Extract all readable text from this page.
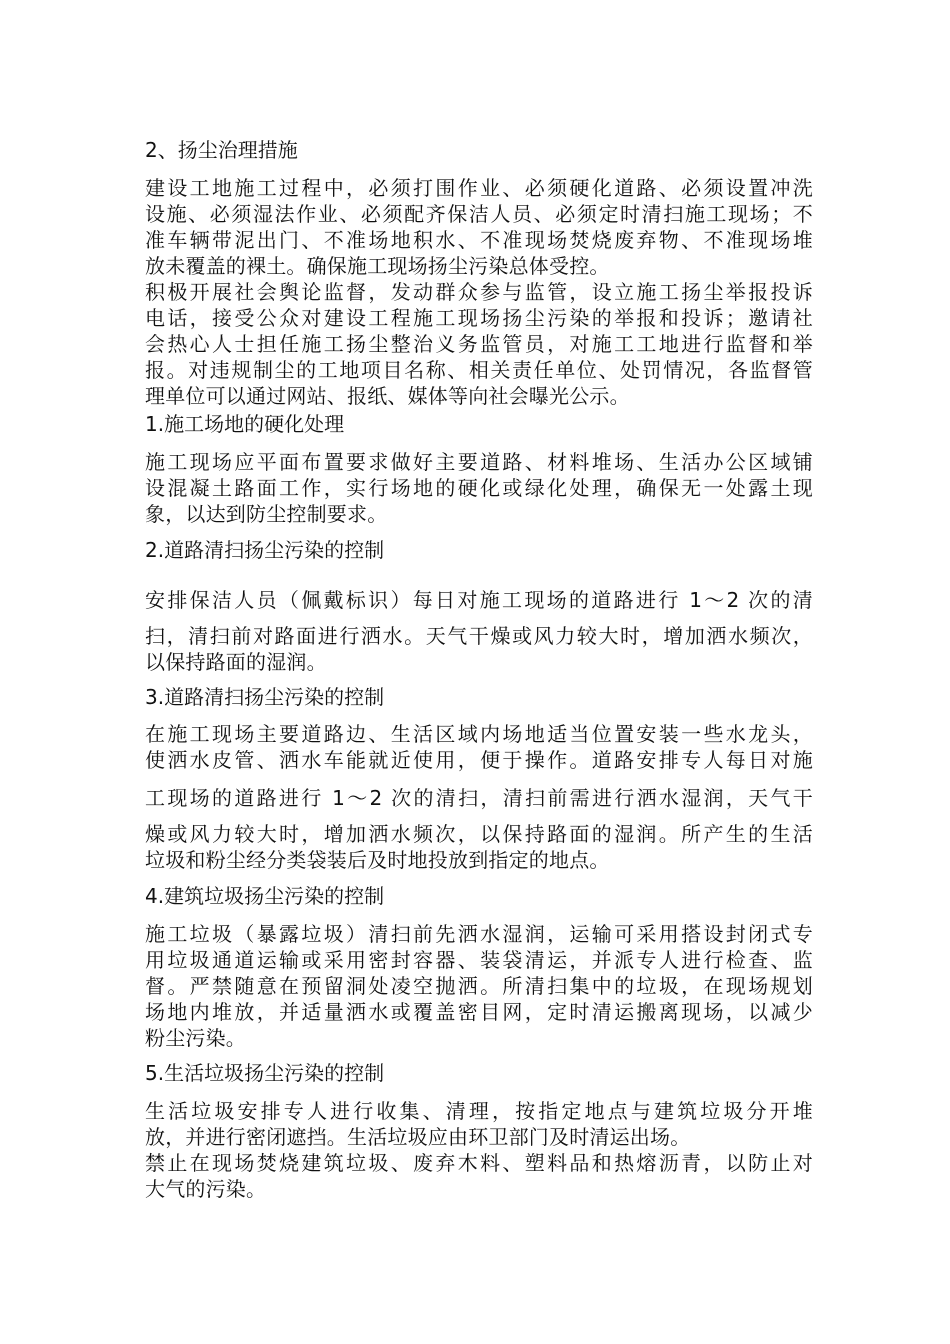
2、扬尘治理措施
建设工地施工过程中，必须打围作业、必须硬化道路、必须设置冲洗
设施、必须湿法作业、必须配齐保洁人员、必须定时清扫施工现场；不
准车辆带泥出门、不准场地积水、不准现场焚烧废弃物、不准现场堆
放未覆盖的裸土。确保施工现场扬尘污染总体受控。
积极开展社会舆论监督，发动群众参与监管，设立施工扬尘举报投诉
电话，接受公众对建设工程施工现场扬尘污染的举报和投诉；邀请社
会热心人士担任施工扬尘整治义务监管员，对施工工地进行监督和举
报。对违规制尘的工地项目名称、相关责任单位、处罚情况，各监督管
理单位可以通过网站、报纸、媒体等向社会曝光公示。
1.施工场地的硬化处理
施工现场应平面布置要求做好主要道路、材料堆场、生活办公区域铺
设混凝土路面工作，实行场地的硬化或绿化处理，确保无一处露土现
象，以达到防尘控制要求。
2.道路清扫扬尘污染的控制
安排保洁人员（佩戴标识）每日对施工现场的道路进行 1～2 次的清
扫，清扫前对路面进行洒水。天气干燥或风力较大时，增加洒水频次，
以保持路面的湿润。
3.道路清扫扬尘污染的控制
在施工现场主要道路边、生活区域内场地适当位置安装一些水龙头，
使洒水皮管、洒水车能就近使用，便于操作。道路安排专人每日对施
工现场的道路进行 1～2 次的清扫，清扫前需进行洒水湿润，天气干
燥或风力较大时，增加洒水频次，以保持路面的湿润。所产生的生活
垃圾和粉尘经分类袋装后及时地投放到指定的地点。
4.建筑垃圾扬尘污染的控制
施工垃圾（暴露垃圾）清扫前先洒水湿润，运输可采用搭设封闭式专
用垃圾通道运输或采用密封容器、装袋清运，并派专人进行检查、监
督。严禁随意在预留洞处凌空抛洒。所清扫集中的垃圾，在现场规划
场地内堆放，并适量洒水或覆盖密目网，定时清运搬离现场，以减少
粉尘污染。
5.生活垃圾扬尘污染的控制
生活垃圾安排专人进行收集、清理，按指定地点与建筑垃圾分开堆
放，并进行密闭遮挡。生活垃圾应由环卫部门及时清运出场。
禁止在现场焚烧建筑垃圾、废弃木料、塑料品和热熔沥青，以防止对
大气的污染。
